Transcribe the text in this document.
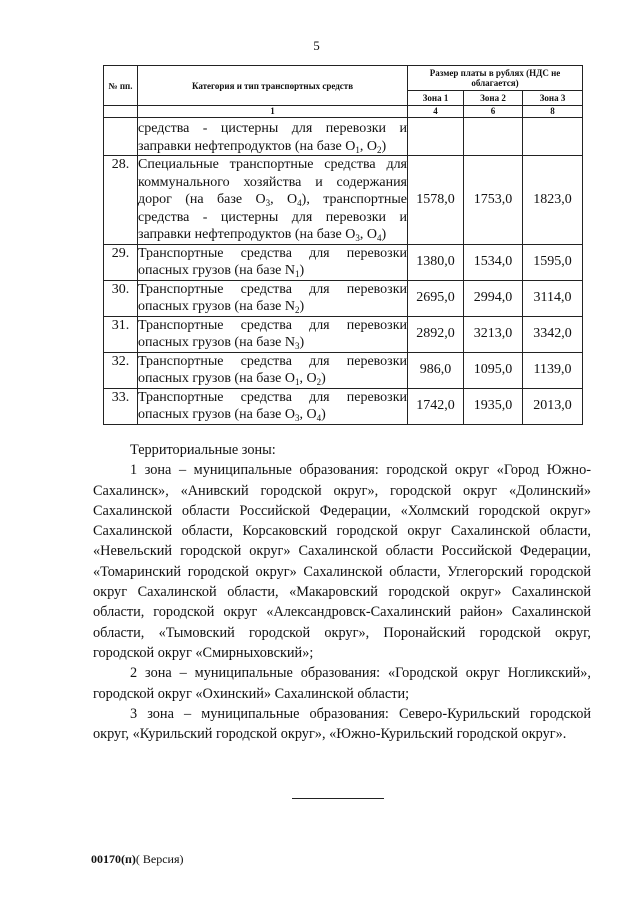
5
№ пп.	Категория и тип транспортных средств	Размер платы в рублях (НДС не облагается)		
		Зона 1	Зона 2	Зона 3
	1	4	6	8
	средства - цистерны для перевозки и заправки нефтепродуктов (на базе $O_1$, $O_2$)			
28.	Специальные транспортные средства для коммунального хозяйства и содержания дорог (на базе $O_3$, $O_4$), транспортные средства - цистерны для перевозки и заправки нефтепродуктов (на базе $O_3$, $O_4$)	1578,0	1753,0	1823,0
29.	Транспортные средства для перевозки опасных грузов (на базе $N_1$)	1380,0	1534,0	1595,0
30.	Транспортные средства для перевозки опасных грузов (на базе $N_2$)	2695,0	2994,0	3114,0
31.	Транспортные средства для перевозки опасных грузов (на базе $N_3$)	2892,0	3213,0	3342,0
32.	Транспортные средства для перевозки опасных грузов (на базе $O_1$, $O_2$)	986,0	1095,0	1139,0
33.	Транспортные средства для перевозки опасных грузов (на базе $O_3$, $O_4$)	1742,0	1935,0	2013,0

Территориальные зоны:

1 зона – муниципальные образования: городской округ «Город Южно-Сахалинск», «Анивский городской округ», городской округ «Долинский» Сахалинской области Российской Федерации, «Холмский городской округ» Сахалинской области, Корсаковский городской округ Сахалинской области, «Невельский городской округ» Сахалинской области Российской Федерации, «Томаринский городской округ» Сахалинской области, Углегорский городской округ Сахалинской области, «Макаровский городской округ» Сахалинской области, городской округ «Александровск-Сахалинский район» Сахалинской области, «Тымовский городской округ», Поронайский городской округ, городской округ «Смирныховский»;

2 зона – муниципальные образования: «Городской округ Ногликский», городской округ «Охинский» Сахалинской области;

3 зона – муниципальные образования: Северо-Курильский городской округ, «Курильский городской округ», «Южно-Курильский городской округ».

00170(п)( Версия)
